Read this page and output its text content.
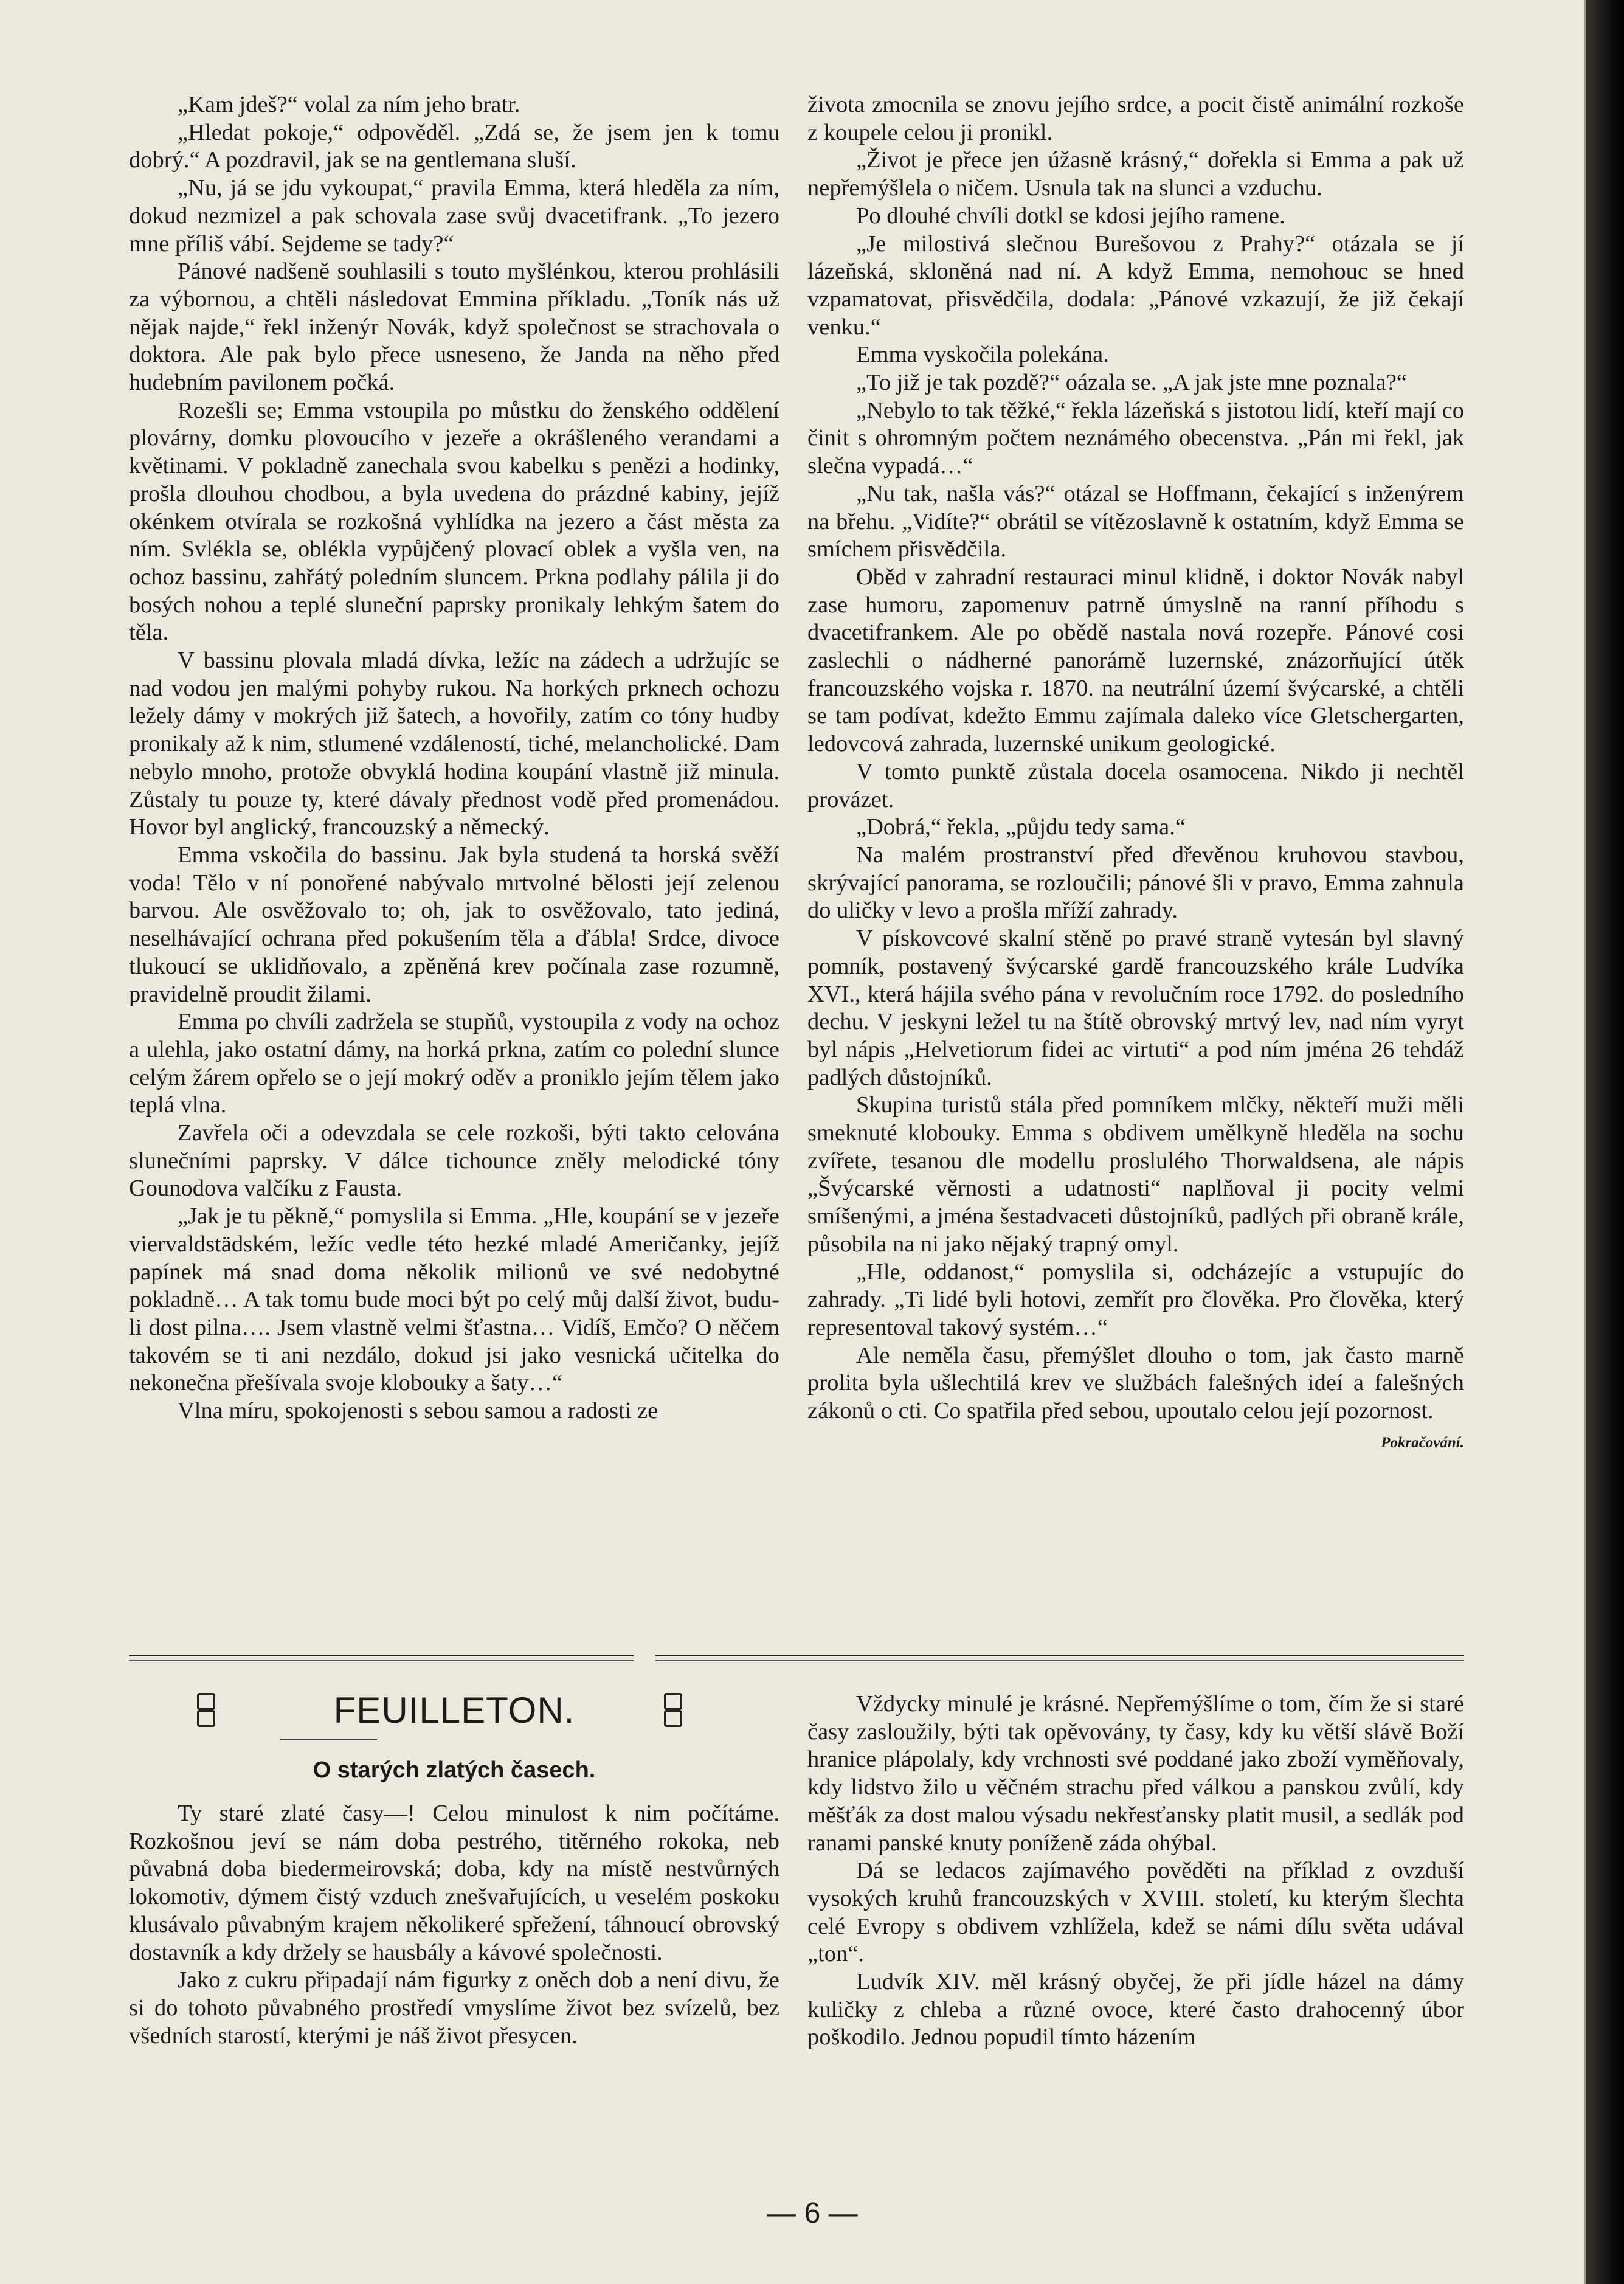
„Kam jdeš?“ volal za ním jeho bratr.

„Hledat pokoje,“ odpověděl. „Zdá se, že jsem jen k tomu dobrý.“ A pozdravil, jak se na gentlemana sluší.

„Nu, já se jdu vykoupat,“ pravila Emma, která hleděla za ním, dokud nezmizel a pak schovala zase svůj dvacetifrank. „To jezero mne příliš vábí. Sejdeme se tady?“

Pánové nadšeně souhlasili s touto myšlénkou, kterou prohlásili za výbornou, a chtěli následovat Emmina příkladu. „Toník nás už nějak najde,“ řekl inženýr Novák, když společnost se strachovala o doktora. Ale pak bylo přece usneseno, že Janda na něho před hudebním pavilonem počká.

Rozešli se; Emma vstoupila po můstku do ženského oddělení plovárny, domku plovoucího v jezeře a okrášleného verandami a květinami. V pokladně zanechala svou kabelku s penězi a hodinky, prošla dlouhou chodbou, a byla uvedena do prázdné kabiny, jejíž okénkem otvírala se rozkošná vyhlídka na jezero a část města za ním. Svlékla se, oblékla vypůjčený plovací oblek a vyšla ven, na ochoz bassinu, zahřátý poledním sluncem. Prkna podlahy pálila ji do bosých nohou a teplé sluneční paprsky pronikaly lehkým šatem do těla.

V bassinu plovala mladá dívka, ležíc na zádech a udržujíc se nad vodou jen malými pohyby rukou. Na horkých prknech ochozu ležely dámy v mokrých již šatech, a hovořily, zatím co tóny hudby pronikaly až k nim, stlumené vzdáleností, tiché, melancholické. Dam nebylo mnoho, protože obvyklá hodina koupání vlastně již minula. Zůstaly tu pouze ty, které dávaly přednost vodě před promenádou. Hovor byl anglický, francouzský a německý.

Emma vskočila do bassinu. Jak byla studená ta horská svěží voda! Tělo v ní ponořené nabývalo mrtvolné bělosti její zelenou barvou. Ale osvěžovalo to; oh, jak to osvěžovalo, tato jediná, neselhávající ochrana před pokušením těla a ďábla! Srdce, divoce tlukoucí se uklidňovalo, a zpěněná krev počínala zase rozumně, pravidelně proudit žilami.

Emma po chvíli zadržela se stupňů, vystoupila z vody na ochoz a ulehla, jako ostatní dámy, na horká prkna, zatím co polední slunce celým žárem opřelo se o její mokrý oděv a proniklo jejím tělem jako teplá vlna.

Zavřela oči a odevzdala se cele rozkoši, býti takto celována slunečními paprsky. V dálce tichounce zněly melodické tóny Gounodova valčíku z Fausta.

„Jak je tu pěkně,“ pomyslila si Emma. „Hle, koupání se v jezeře viervaldstädském, ležíc vedle této hezké mladé Američanky, jejíž papínek má snad doma několik milionů ve své nedobytné pokladně… A tak tomu bude moci být po celý můj další život, budu-li dost pilna…. Jsem vlastně velmi šťastna… Vidíš, Emčo? O něčem takovém se ti ani nezdálo, dokud jsi jako vesnická učitelka do nekonečna přešívala svoje klobouky a šaty…“

Vlna míru, spokojenosti s sebou samou a radosti ze

života zmocnila se znovu jejího srdce, a pocit čistě animální rozkoše z koupele celou ji pronikl.

„Život je přece jen úžasně krásný,“ dořekla si Emma a pak už nepřemýšlela o ničem. Usnula tak na slunci a vzduchu.

Po dlouhé chvíli dotkl se kdosi jejího ramene.

„Je milostivá slečnou Burešovou z Prahy?“ otázala se jí lázeňská, skloněná nad ní. A když Emma, nemohouc se hned vzpamatovat, přisvědčila, dodala: „Pánové vzkazují, že již čekají venku.“

Emma vyskočila polekána.

„To již je tak pozdě?“ oázala se. „A jak jste mne poznala?“

„Nebylo to tak těžké,“ řekla lázeňská s jistotou lidí, kteří mají co činit s ohromným počtem neznámého obecenstva. „Pán mi řekl, jak slečna vypadá…“

„Nu tak, našla vás?“ otázal se Hoffmann, čekající s inženýrem na břehu. „Vidíte?“ obrátil se vítězoslavně k ostatním, když Emma se smíchem přisvědčila.

Oběd v zahradní restauraci minul klidně, i doktor Novák nabyl zase humoru, zapomenuv patrně úmyslně na ranní příhodu s dvacetifrankem. Ale po obědě nastala nová rozepře. Pánové cosi zaslechli o nádherné panorámě luzernské, znázorňující útěk francouzského vojska r. 1870. na neutrální území švýcarské, a chtěli se tam podívat, kdežto Emmu zajímala daleko více Gletschergarten, ledovcová zahrada, luzernské unikum geologické.

V tomto punktě zůstala docela osamocena. Nikdo ji nechtěl provázet.

„Dobrá,“ řekla, „půjdu tedy sama.“

Na malém prostranství před dřevěnou kruhovou stavbou, skrývající panorama, se rozloučili; pánové šli v pravo, Emma zahnula do uličky v levo a prošla mříží zahrady.

V pískovcové skalní stěně po pravé straně vytesán byl slavný pomník, postavený švýcarské gardě francouzského krále Ludvíka XVI., která hájila svého pána v revolučním roce 1792. do posledního dechu. V jeskyni ležel tu na štítě obrovský mrtvý lev, nad ním vyryt byl nápis „Helvetiorum fidei ac virtuti“ a pod ním jména 26 tehdáž padlých důstojníků.

Skupina turistů stála před pomníkem mlčky, někteří muži měli smeknuté klobouky. Emma s obdivem umělkyně hleděla na sochu zvířete, tesanou dle modellu proslulého Thorwaldsena, ale nápis „Švýcarské věrnosti a udatnosti“ naplňoval ji pocity velmi smíšenými, a jména šestadvaceti důstojníků, padlých při obraně krále, působila na ni jako nějaký trapný omyl.

„Hle, oddanost,“ pomyslila si, odcházejíc a vstupujíc do zahrady. „Ti lidé byli hotovi, zemřít pro člověka. Pro člověka, který representoval takový systém…“

Ale neměla času, přemýšlet dlouho o tom, jak často marně prolita byla ušlechtilá krev ve službách falešných ideí a falešných zákonů o cti. Co spatřila před sebou, upoutalo celou její pozornost.
Pokračování.

FEUILLETON.
O starých zlatých časech.

Ty staré zlaté časy—! Celou minulost k nim počítáme. Rozkošnou jeví se nám doba pestrého, titěrného rokoka, neb půvabná doba biedermeirovská; doba, kdy na místě nestvůrných lokomotiv, dýmem čistý vzduch znešvařujících, u veselém poskoku klusávalo půvabným krajem několikeré spřežení, táhnoucí obrovský dostavník a kdy držely se hausbály a kávové společnosti.

Jako z cukru připadají nám figurky z oněch dob a není divu, že si do tohoto půvabného prostředí vmyslíme život bez svízelů, bez všedních starostí, kterými je náš život přesycen.

Vždycky minulé je krásné. Nepřemýšlíme o tom, čím že si staré časy zasloužily, býti tak opěvovány, ty časy, kdy ku větší slávě Boží hranice plápolaly, kdy vrchnosti své poddané jako zboží vyměňovaly, kdy lidstvo žilo u věčném strachu před válkou a panskou zvůlí, kdy měšťák za dost malou výsadu nekřesťansky platit musil, a sedlák pod ranami panské knuty poníženě záda ohýbal.

Dá se ledacos zajímavého pověděti na příklad z ovzduší vysokých kruhů francouzských v XVIII. století, ku kterým šlechta celé Evropy s obdivem vzhlížela, kdež se námi dílu světa udával „ton“.

Ludvík XIV. měl krásný obyčej, že při jídle házel na dámy kuličky z chleba a různé ovoce, které často drahocenný úbor poškodilo. Jednou popudil tímto házením

— 6 —
